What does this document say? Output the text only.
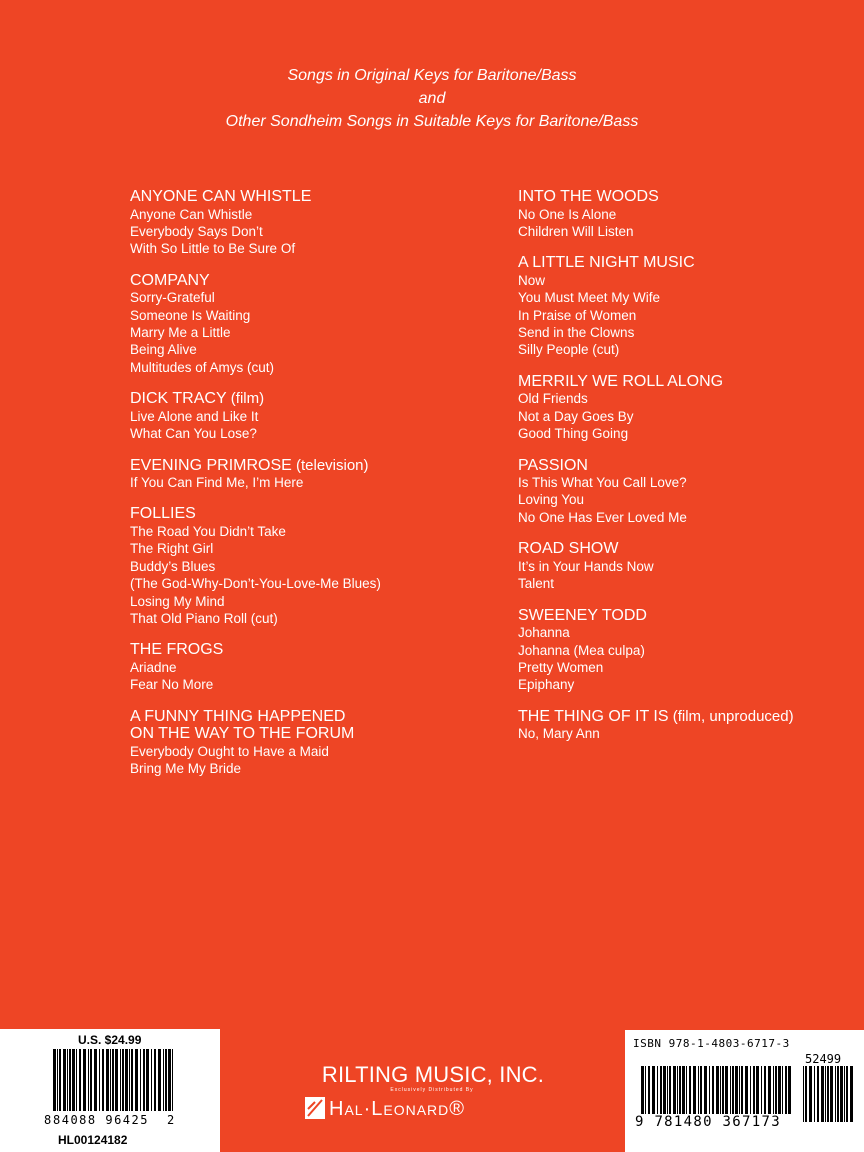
Songs in Original Keys for Baritone/Bass
and
Other Sondheim Songs in Suitable Keys for Baritone/Bass
ANYONE CAN WHISTLE
Anyone Can Whistle
Everybody Says Don’t
With So Little to Be Sure Of
COMPANY
Sorry-Grateful
Someone Is Waiting
Marry Me a Little
Being Alive
Multitudes of Amys (cut)
DICK TRACY (film)
Live Alone and Like It
What Can You Lose?
EVENING PRIMROSE (television)
If You Can Find Me, I’m Here
FOLLIES
The Road You Didn’t Take
The Right Girl
Buddy’s Blues
(The God-Why-Don’t-You-Love-Me Blues)
Losing My Mind
That Old Piano Roll (cut)
THE FROGS
Ariadne
Fear No More
A FUNNY THING HAPPENED
ON THE WAY TO THE FORUM
Everybody Ought to Have a Maid
Bring Me My Bride
INTO THE WOODS
No One Is Alone
Children Will Listen
A LITTLE NIGHT MUSIC
Now
You Must Meet My Wife
In Praise of Women
Send in the Clowns
Silly People (cut)
MERRILY WE ROLL ALONG
Old Friends
Not a Day Goes By
Good Thing Going
PASSION
Is This What You Call Love?
Loving You
No One Has Ever Loved Me
ROAD SHOW
It’s in Your Hands Now
Talent
SWEENEY TODD
Johanna
Johanna (Mea culpa)
Pretty Women
Epiphany
THE THING OF IT IS (film, unproduced)
No, Mary Ann
U.S. $24.99
8 84088 96425	2
HL00124182
ISBN 978-1-4803-6717-3
52499
9 781480 367173
RILTING MUSIC, INC.
Exclusively Distributed By
Hal·Leonard®
